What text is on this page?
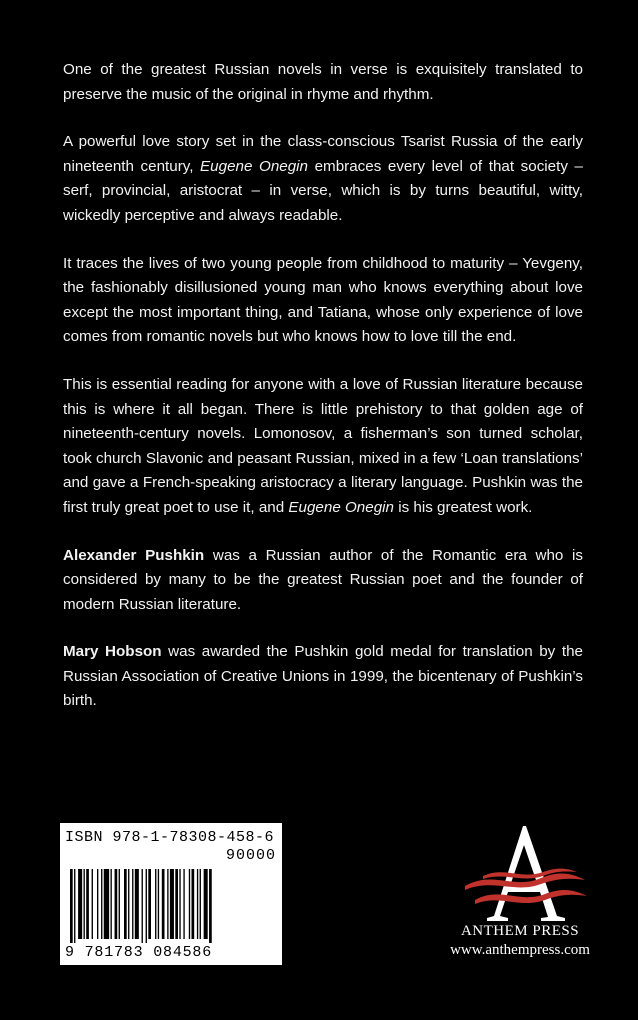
One of the greatest Russian novels in verse is exquisitely translated to preserve the music of the original in rhyme and rhythm.

A powerful love story set in the class-conscious Tsarist Russia of the early nineteenth century, Eugene Onegin embraces every level of that society – serf, provincial, aristocrat – in verse, which is by turns beautiful, witty, wickedly perceptive and always readable.

It traces the lives of two young people from childhood to maturity – Yevgeny, the fashionably disillusioned young man who knows everything about love except the most important thing, and Tatiana, whose only experience of love comes from romantic novels but who knows how to love till the end.

This is essential reading for anyone with a love of Russian literature because this is where it all began. There is little prehistory to that golden age of nineteenth-century novels. Lomonosov, a fisherman’s son turned scholar, took church Slavonic and peasant Russian, mixed in a few ‘Loan translations’ and gave a French-speaking aristocracy a literary language. Pushkin was the first truly great poet to use it, and Eugene Onegin is his greatest work.

Alexander Pushkin was a Russian author of the Romantic era who is considered by many to be the greatest Russian poet and the founder of modern Russian literature.

Mary Hobson was awarded the Pushkin gold medal for translation by the Russian Association of Creative Unions in 1999, the bicentenary of Pushkin’s birth.

ISBN 978-1-78308-458-6
90000
9 781783 084586
ANTHEM PRESS
www.anthempress.com
